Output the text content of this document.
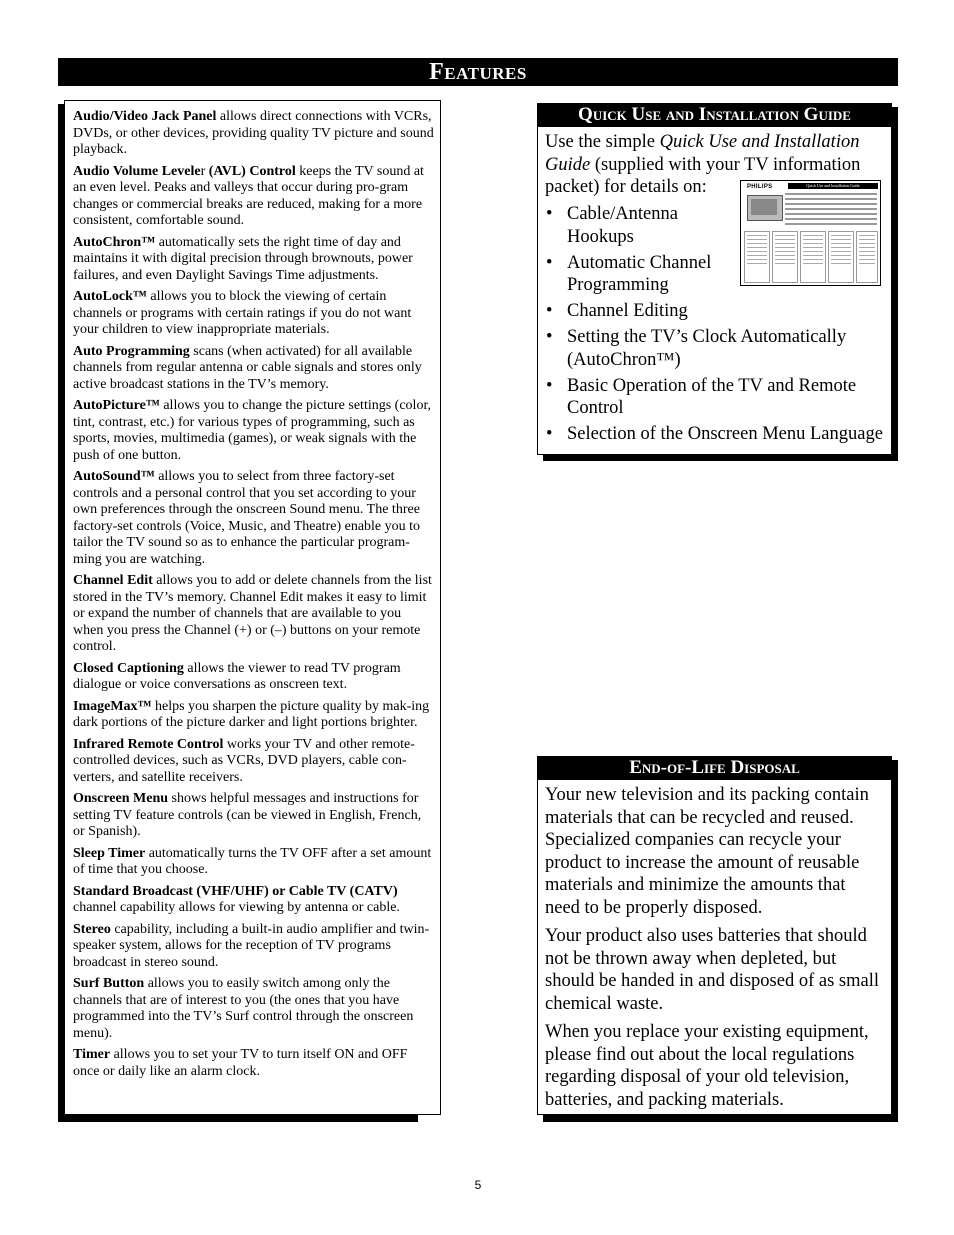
Features
Audio/Video Jack Panel allows direct connections with VCRs, DVDs, or other devices, providing quality TV picture and sound playback.
Audio Volume Leveler (AVL) Control keeps the TV sound at an even level. Peaks and valleys that occur during pro-gram changes or commercial breaks are reduced, making for a more consistent, comfortable sound.
AutoChron™ automatically sets the right time of day and maintains it with digital precision through brownouts, power failures, and even Daylight Savings Time adjustments.
AutoLock™ allows you to block the viewing of certain channels or programs with certain ratings if you do not want your children to view inappropriate materials.
Auto Programming scans (when activated) for all available channels from regular antenna or cable signals and stores only active broadcast stations in the TV’s memory.
AutoPicture™ allows you to change the picture settings (color, tint, contrast, etc.) for various types of programming, such as sports, movies, multimedia (games), or weak signals with the push of one button.
AutoSound™ allows you to select from three factory-set controls and a personal control that you set according to your own preferences through the onscreen Sound menu. The three factory-set controls (Voice, Music, and Theatre) enable you to tailor the TV sound so as to enhance the particular program-ming you are watching.
Channel Edit allows you to add or delete channels from the list stored in the TV’s memory. Channel Edit makes it easy to limit or expand the number of channels that are available to you when you press the Channel (+) or (–) buttons on your remote control.
Closed Captioning allows the viewer to read TV program dialogue or voice conversations as onscreen text.
ImageMax™ helps you sharpen the picture quality by mak-ing dark portions of the picture darker and light portions brighter.
Infrared Remote Control works your TV and other remote-controlled devices, such as VCRs, DVD players, cable con-verters, and satellite receivers.
Onscreen Menu shows helpful messages and instructions for setting TV feature controls (can be viewed in English, French, or Spanish).
Sleep Timer automatically turns the TV OFF after a set amount of time that you choose.
Standard Broadcast (VHF/UHF) or Cable TV (CATV) channel capability allows for viewing by antenna or cable.
Stereo capability, including a built-in audio amplifier and twin-speaker system, allows for the reception of TV programs broadcast in stereo sound.
Surf Button allows you to easily switch among only the channels that are of interest to you (the ones that you have programmed into the TV’s Surf control through the onscreen menu).
Timer allows you to set your TV to turn itself ON and OFF once or daily like an alarm clock.
Quick Use and Installation Guide
Use the simple Quick Use and Installation Guide (supplied with your TV information packet) for details on:	PHILIPS	Quick Use and Installation Guide
• Cable/Antenna Hookups
• Automatic Channel Programming
• Channel Editing
• Setting the TV’s Clock Automatically (AutoChron™)
• Basic Operation of the TV and Remote Control
• Selection of the Onscreen Menu Language
End-of-Life Disposal

Your new television and its packing contain materials that can be recycled and reused. Specialized companies can recycle your product to increase the amount of reusable materials and minimize the amounts that need to be properly disposed.

Your product also uses batteries that should not be thrown away when depleted, but should be handed in and disposed of as small chemical waste.

When you replace your existing equipment, please find out about the local regulations regarding disposal of your old television, batteries, and packing materials.

5
